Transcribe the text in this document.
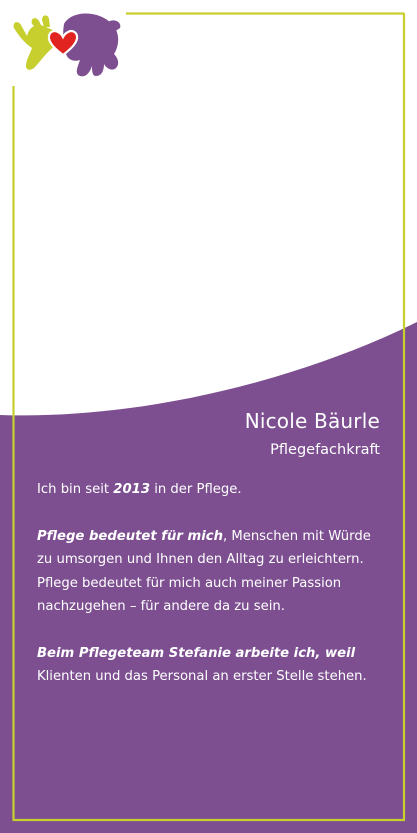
Nicole Bäurle
Pflegefachkraft

Ich bin seit 2013 in der Pflege.

Pflege bedeutet für mich, Menschen mit Würde zu umsorgen und Ihnen den Alltag zu erleichtern. Pflege bedeutet für mich auch meiner Passion nachzugehen – für andere da zu sein.

Beim Pflegeteam Stefanie arbeite ich, weil Klienten und das Personal an erster Stelle stehen.
